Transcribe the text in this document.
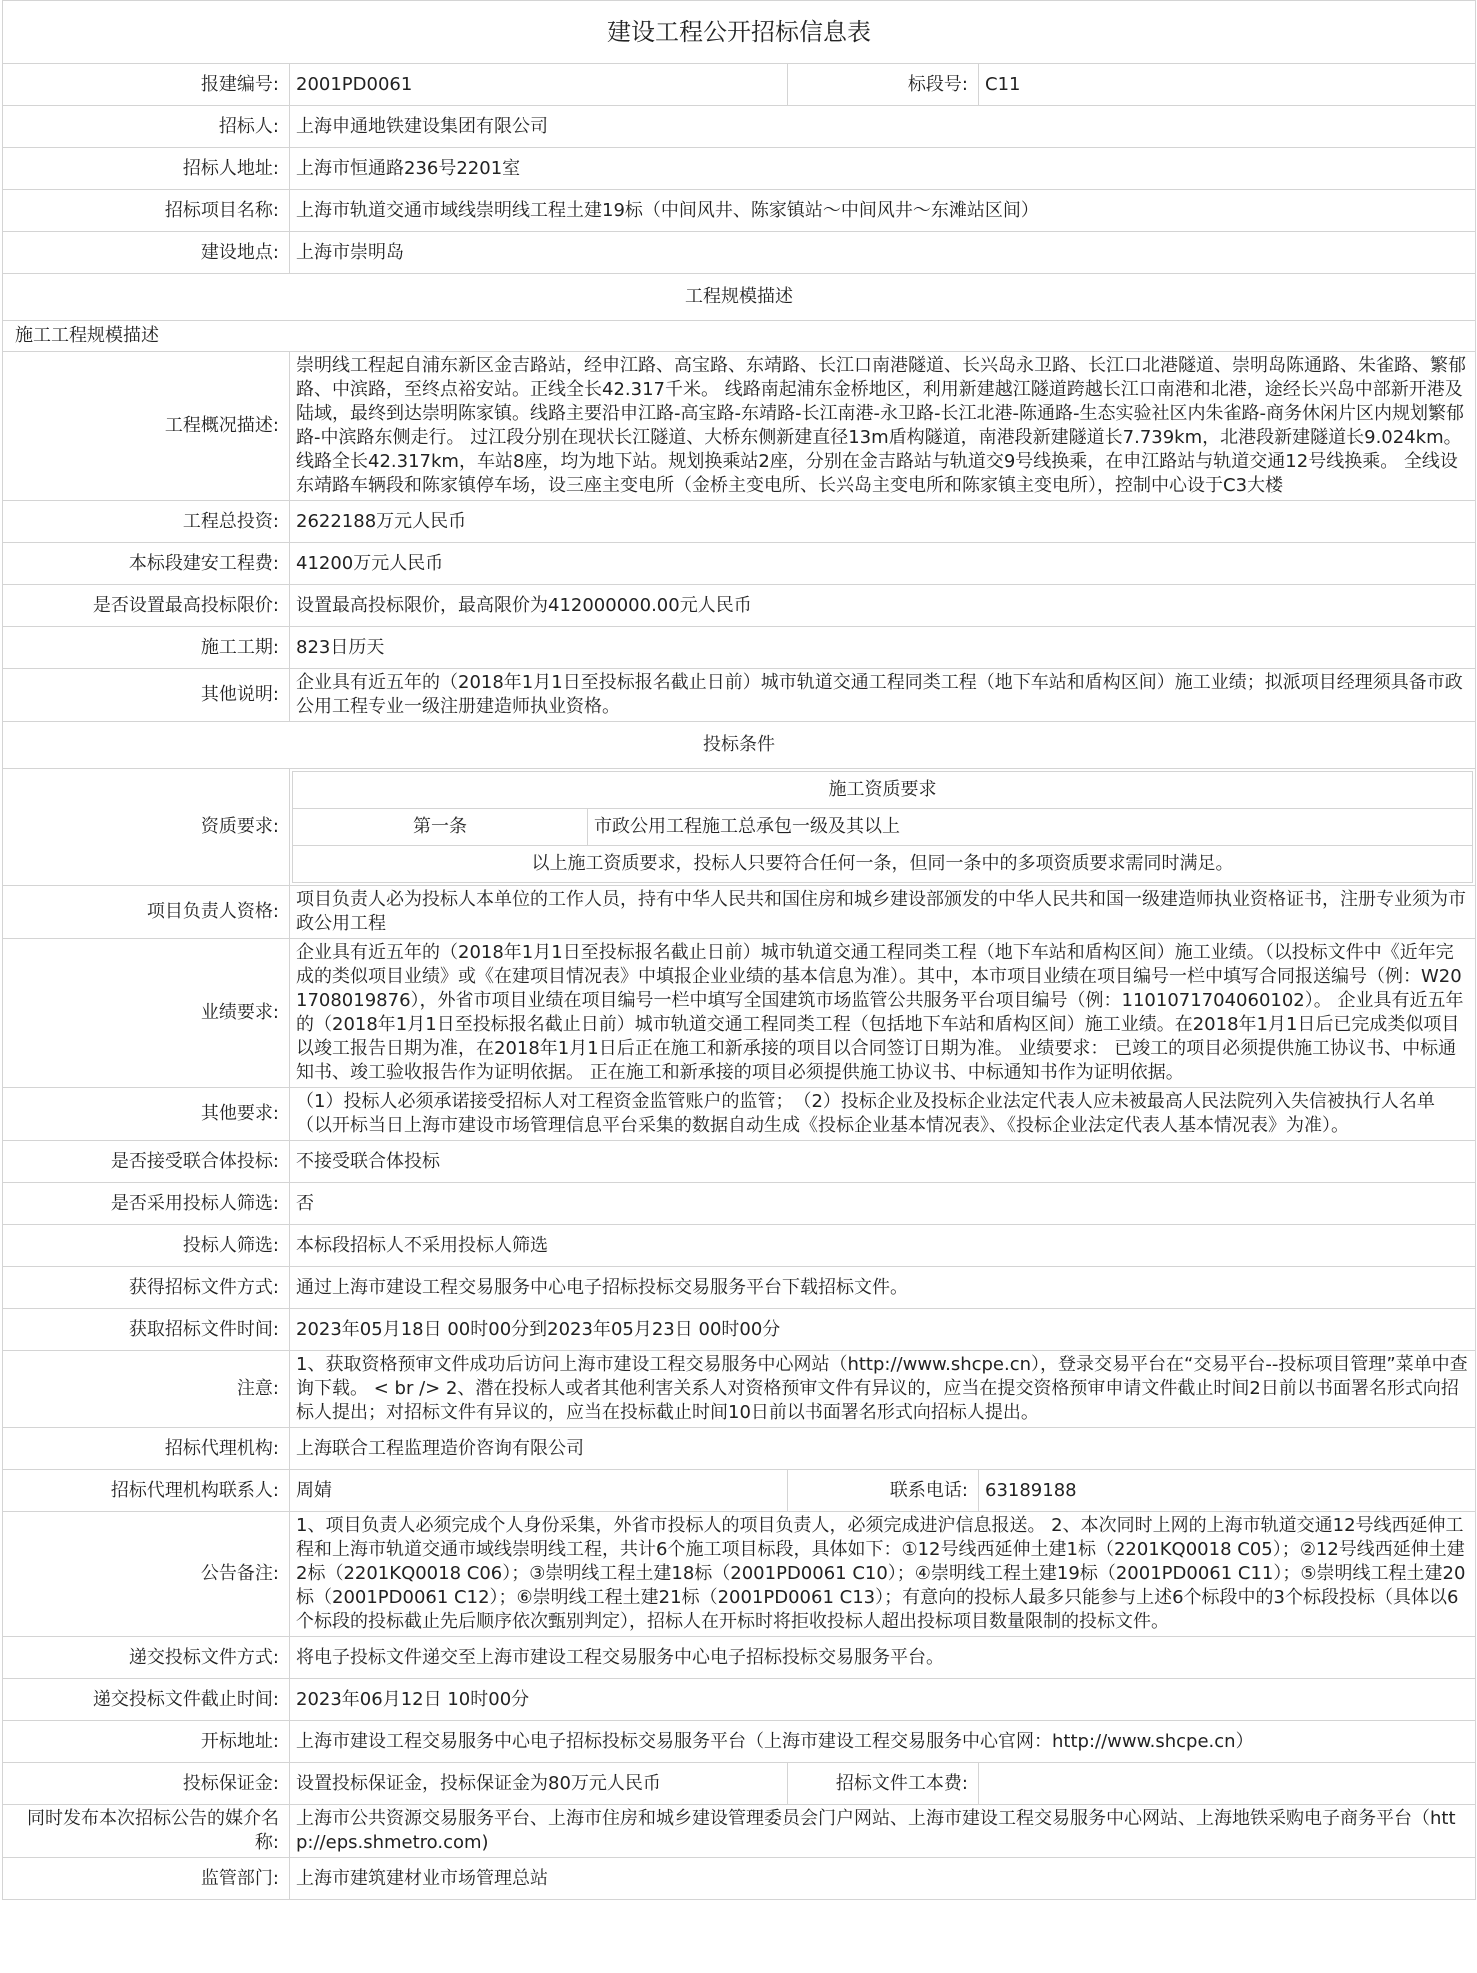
建设工程公开招标信息表
报建编号:	2001PD0061	标段号:	C11
招标人:	上海申通地铁建设集团有限公司
招标人地址:	上海市恒通路236号2201室
招标项目名称:	上海市轨道交通市域线崇明线工程土建19标（中间风井、陈家镇站～中间风井～东滩站区间）
建设地点:	上海市崇明岛
工程规模描述
施工工程规模描述
工程概况描述:	崇明线工程起自浦东新区金吉路站，经申江路、高宝路、东靖路、长江口南港隧道、长兴岛永卫路、长江口北港隧道、崇明岛陈通路、朱雀路、繁郁路、中滨路，至终点裕安站。正线全长42.317千米。 线路南起浦东金桥地区，利用新建越江隧道跨越长江口南港和北港，途经长兴岛中部新开港及陆域，最终到达崇明陈家镇。线路主要沿申江路-高宝路-东靖路-长江南港-永卫路-长江北港-陈通路-生态实验社区内朱雀路-商务休闲片区内规划繁郁路-中滨路东侧走行。 过江段分别在现状长江隧道、大桥东侧新建直径13m盾构隧道，南港段新建隧道长7.739km，北港段新建隧道长9.024km。 线路全长42.317km，车站8座，均为地下站。规划换乘站2座，分别在金吉路站与轨道交9号线换乘，在申江路站与轨道交通12号线换乘。 全线设东靖路车辆段和陈家镇停车场，设三座主变电所（金桥主变电所、长兴岛主变电所和陈家镇主变电所），控制中心设于C3大楼
工程总投资:	2622188万元人民币
本标段建安工程费:	41200万元人民币
是否设置最高投标限价:	设置最高投标限价，最高限价为412000000.00元人民币
施工工期:	823日历天
其他说明:	企业具有近五年的（2018年1月1日至投标报名截止日前）城市轨道交通工程同类工程（地下车站和盾构区间）施工业绩；拟派项目经理须具备市政公用工程专业一级注册建造师执业资格。
投标条件
资质要求:	
施工资质要求
第一条	市政公用工程施工总承包一级及其以上
以上施工资质要求，投标人只要符合任何一条，但同一条中的多项资质要求需同时满足。

项目负责人资格:	项目负责人必为投标人本单位的工作人员，持有中华人民共和国住房和城乡建设部颁发的中华人民共和国一级建造师执业资格证书，注册专业须为市政公用工程
业绩要求:	企业具有近五年的（2018年1月1日至投标报名截止日前）城市轨道交通工程同类工程（地下车站和盾构区间）施工业绩。（以投标文件中《近年完成的类似项目业绩》或《在建项目情况表》中填报企业业绩的基本信息为准）。其中，本市项目业绩在项目编号一栏中填写合同报送编号（例：W201708019876），外省市项目业绩在项目编号一栏中填写全国建筑市场监管公共服务平台项目编号（例：1101071704060102）。 企业具有近五年的（2018年1月1日至投标报名截止日前）城市轨道交通工程同类工程（包括地下车站和盾构区间）施工业绩。在2018年1月1日后已完成类似项目以竣工报告日期为准，在2018年1月1日后正在施工和新承接的项目以合同签订日期为准。 业绩要求： 已竣工的项目必须提供施工协议书、中标通知书、竣工验收报告作为证明依据。 正在施工和新承接的项目必须提供施工协议书、中标通知书作为证明依据。
其他要求:	（1）投标人必须承诺接受招标人对工程资金监管账户的监管；　（2）投标企业及投标企业法定代表人应未被最高人民法院列入失信被执行人名单（以开标当日上海市建设市场管理信息平台采集的数据自动生成《投标企业基本情况表》、《投标企业法定代表人基本情况表》为准）。
是否接受联合体投标:	不接受联合体投标
是否采用投标人筛选:	否
投标人筛选:	本标段招标人不采用投标人筛选
获得招标文件方式:	通过上海市建设工程交易服务中心电子招标投标交易服务平台下载招标文件。
获取招标文件时间:	2023年05月18日 00时00分到2023年05月23日 00时00分
注意:	1、获取资格预审文件成功后访问上海市建设工程交易服务中心网站（http://www.shcpe.cn），登录交易平台在“交易平台--投标项目管理”菜单中查询下载。 < br /> 2、潜在投标人或者其他利害关系人对资格预审文件有异议的，应当在提交资格预审申请文件截止时间2日前以书面署名形式向招标人提出；对招标文件有异议的，应当在投标截止时间10日前以书面署名形式向招标人提出。
招标代理机构:	上海联合工程监理造价咨询有限公司
招标代理机构联系人:	周婧	联系电话:	63189188
公告备注:	1、项目负责人必须完成个人身份采集，外省市投标人的项目负责人，必须完成进沪信息报送。 2、本次同时上网的上海市轨道交通12号线西延伸工程和上海市轨道交通市域线崇明线工程，共计6个施工项目标段，具体如下：①12号线西延伸土建1标（2201KQ0018 C05）；②12号线西延伸土建2标（2201KQ0018 C06）；③崇明线工程土建18标（2001PD0061 C10）；④崇明线工程土建19标（2001PD0061 C11）；⑤崇明线工程土建20标（2001PD0061 C12）；⑥崇明线工程土建21标（2001PD0061 C13）；有意向的投标人最多只能参与上述6个标段中的3个标段投标（具体以6个标段的投标截止先后顺序依次甄别判定），招标人在开标时将拒收投标人超出投标项目数量限制的投标文件。
递交投标文件方式:	将电子投标文件递交至上海市建设工程交易服务中心电子招标投标交易服务平台。
递交投标文件截止时间:	2023年06月12日 10时00分
开标地址:	上海市建设工程交易服务中心电子招标投标交易服务平台（上海市建设工程交易服务中心官网：http://www.shcpe.cn）
投标保证金:	设置投标保证金，投标保证金为80万元人民币	招标文件工本费:	
同时发布本次招标公告的媒介名称:	上海市公共资源交易服务平台、上海市住房和城乡建设管理委员会门户网站、上海市建设工程交易服务中心网站、上海地铁采购电子商务平台（http://eps.shmetro.com)
监管部门:	上海市建筑建材业市场管理总站
